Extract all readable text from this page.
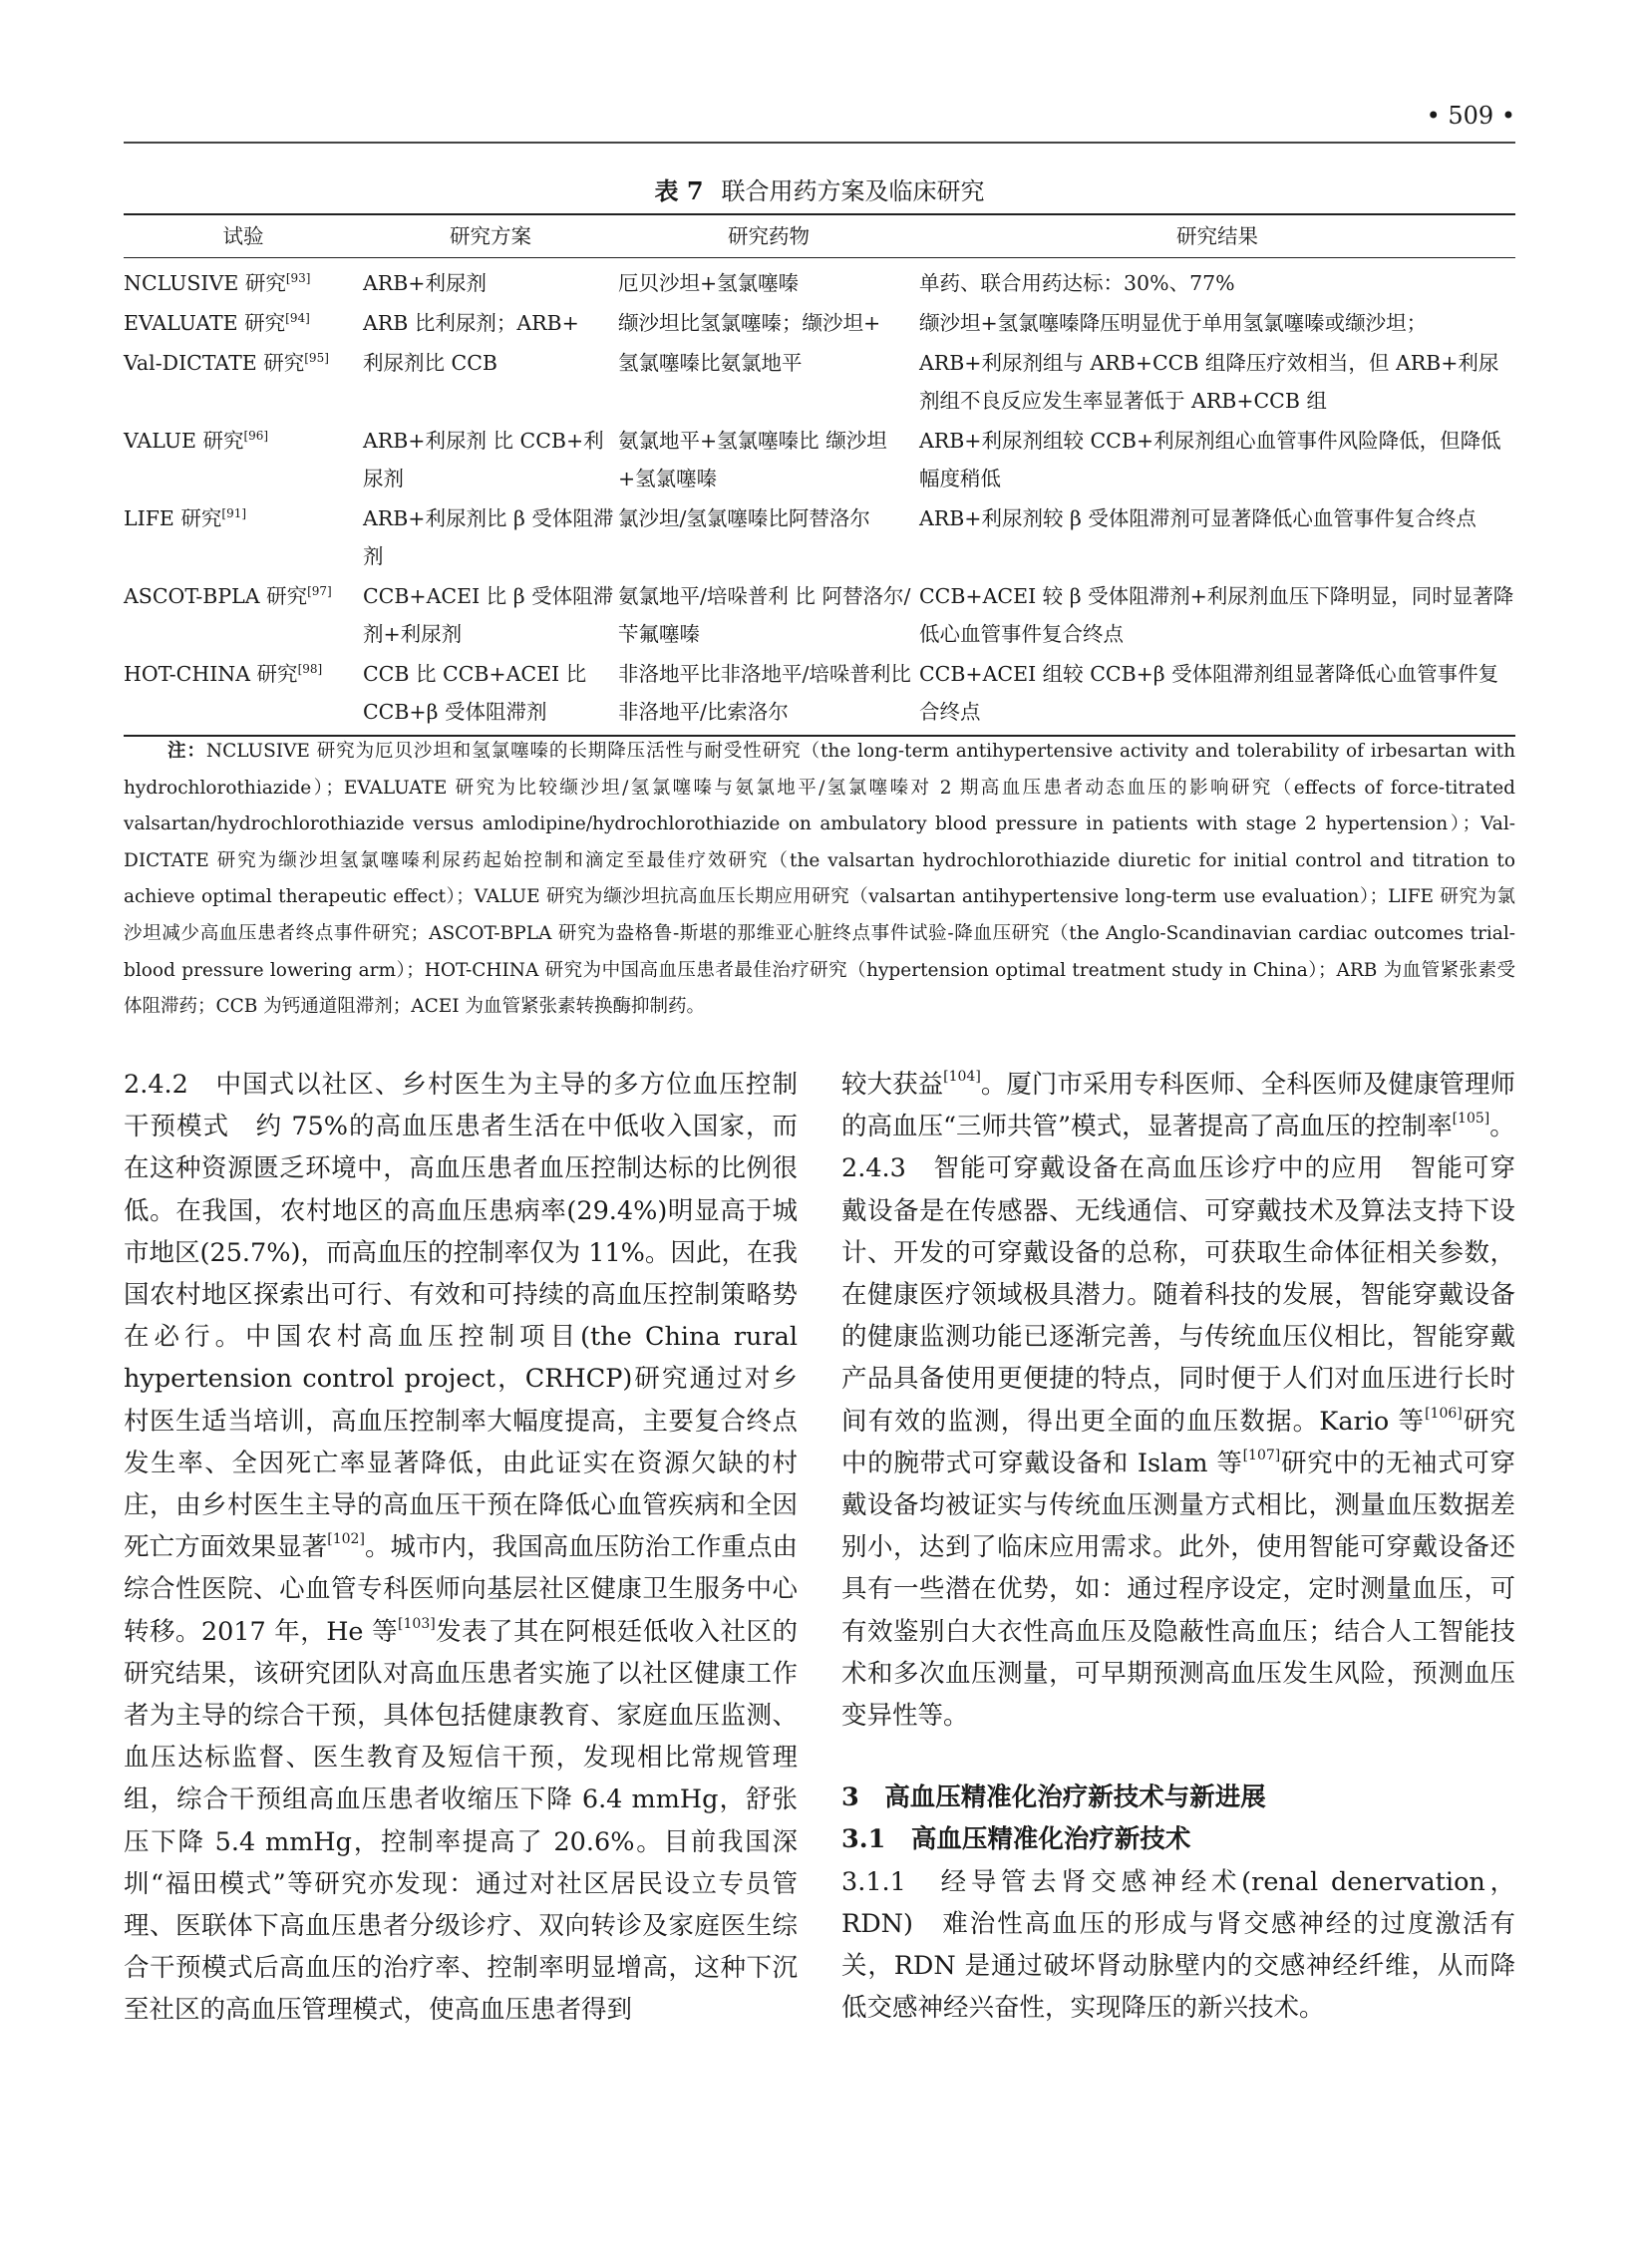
• 509 •
表 7 联合用药方案及临床研究
试验	研究方案	研究药物	研究结果
NCLUSIVE 研究[93]	ARB+利尿剂	厄贝沙坦+氢氯噻嗪	单药、联合用药达标：30%、77%
EVALUATE 研究[94]	ARB 比利尿剂；ARB+	缬沙坦比氢氯噻嗪；缬沙坦+	缬沙坦+氢氯噻嗪降压明显优于单用氢氯噻嗪或缬沙坦；
Val-DICTATE 研究[95]	利尿剂比 CCB	氢氯噻嗪比氨氯地平	ARB+利尿剂组与 ARB+CCB 组降压疗效相当，但 ARB+利尿剂组不良反应发生率显著低于 ARB+CCB 组
VALUE 研究[96]	ARB+利尿剂 比 CCB+利尿剂	氨氯地平+氢氯噻嗪比 缬沙坦+氢氯噻嗪	ARB+利尿剂组较 CCB+利尿剂组心血管事件风险降低，但降低幅度稍低
LIFE 研究[91]	ARB+利尿剂比 β 受体阻滞剂	氯沙坦/氢氯噻嗪比阿替洛尔	ARB+利尿剂较 β 受体阻滞剂可显著降低心血管事件复合终点
ASCOT-BPLA 研究[97]	CCB+ACEI 比 β 受体阻滞剂+利尿剂	氨氯地平/培哚普利 比 阿替洛尔/苄氟噻嗪	CCB+ACEI 较 β 受体阻滞剂+利尿剂血压下降明显，同时显著降低心血管事件复合终点
HOT-CHINA 研究[98]	CCB 比 CCB+ACEI 比 CCB+β 受体阻滞剂	非洛地平比非洛地平/培哚普利比非洛地平/比索洛尔	CCB+ACEI 组较 CCB+β 受体阻滞剂组显著降低心血管事件复合终点
注：NCLUSIVE 研究为厄贝沙坦和氢氯噻嗪的长期降压活性与耐受性研究（the long-term antihypertensive activity and tolerability of irbesartan with hydrochlorothiazide）；EVALUATE 研究为比较缬沙坦/氢氯噻嗪与氨氯地平/氢氯噻嗪对 2 期高血压患者动态血压的影响研究（effects of force-titrated valsartan/hydrochlorothiazide versus amlodipine/hydrochlorothiazide on ambulatory blood pressure in patients with stage 2 hypertension）；Val-DICTATE 研究为缬沙坦氢氯噻嗪利尿药起始控制和滴定至最佳疗效研究（the valsartan hydrochlorothiazide diuretic for initial control and titration to achieve optimal therapeutic effect）；VALUE 研究为缬沙坦抗高血压长期应用研究（valsartan antihypertensive long-term use evaluation）；LIFE 研究为氯沙坦减少高血压患者终点事件研究；ASCOT-BPLA 研究为盎格鲁-斯堪的那维亚心脏终点事件试验-降血压研究（the Anglo-Scandinavian cardiac outcomes trial-blood pressure lowering arm）；HOT-CHINA 研究为中国高血压患者最佳治疗研究（hypertension optimal treatment study in China）；ARB 为血管紧张素受体阻滞药；CCB 为钙通道阻滞剂；ACEI 为血管紧张素转换酶抑制药。

2.4.2　中国式以社区、乡村医生为主导的多方位血压控制干预模式　约 75%的高血压患者生活在中低收入国家，而在这种资源匮乏环境中，高血压患者血压控制达标的比例很低。在我国，农村地区的高血压患病率(29.4%)明显高于城市地区(25.7%)，而高血压的控制率仅为 11%。因此，在我国农村地区探索出可行、有效和可持续的高血压控制策略势在必行。中国农村高血压控制项目(the China rural hypertension control project，CRHCP)研究通过对乡村医生适当培训，高血压控制率大幅度提高，主要复合终点发生率、全因死亡率显著降低，由此证实在资源欠缺的村庄，由乡村医生主导的高血压干预在降低心血管疾病和全因死亡方面效果显著[102]。城市内，我国高血压防治工作重点由综合性医院、心血管专科医师向基层社区健康卫生服务中心转移。2017 年，He 等[103]发表了其在阿根廷低收入社区的研究结果，该研究团队对高血压患者实施了以社区健康工作者为主导的综合干预，具体包括健康教育、家庭血压监测、血压达标监督、医生教育及短信干预，发现相比常规管理组，综合干预组高血压患者收缩压下降 6.4 mmHg，舒张压下降 5.4 mmHg，控制率提高了 20.6%。目前我国深圳“福田模式”等研究亦发现：通过对社区居民设立专员管理、医联体下高血压患者分级诊疗、双向转诊及家庭医生综合干预模式后高血压的治疗率、控制率明显增高，这种下沉至社区的高血压管理模式，使高血压患者得到

较大获益[104]。厦门市采用专科医师、全科医师及健康管理师的高血压“三师共管”模式，显著提高了高血压的控制率[105]。

2.4.3　智能可穿戴设备在高血压诊疗中的应用　智能可穿戴设备是在传感器、无线通信、可穿戴技术及算法支持下设计、开发的可穿戴设备的总称，可获取生命体征相关参数，在健康医疗领域极具潜力。随着科技的发展，智能穿戴设备的健康监测功能已逐渐完善，与传统血压仪相比，智能穿戴产品具备使用更便捷的特点，同时便于人们对血压进行长时间有效的监测，得出更全面的血压数据。Kario 等[106]研究中的腕带式可穿戴设备和 Islam 等[107]研究中的无袖式可穿戴设备均被证实与传统血压测量方式相比，测量血压数据差别小，达到了临床应用需求。此外，使用智能可穿戴设备还具有一些潜在优势，如：通过程序设定，定时测量血压，可有效鉴别白大衣性高血压及隐蔽性高血压；结合人工智能技术和多次血压测量，可早期预测高血压发生风险，预测血压变异性等。

3　高血压精准化治疗新技术与新进展

3.1　高血压精准化治疗新技术

3.1.1　经导管去肾交感神经术(renal denervation，RDN)　难治性高血压的形成与肾交感神经的过度激活有关，RDN 是通过破坏肾动脉壁内的交感神经纤维，从而降低交感神经兴奋性，实现降压的新兴技术。
